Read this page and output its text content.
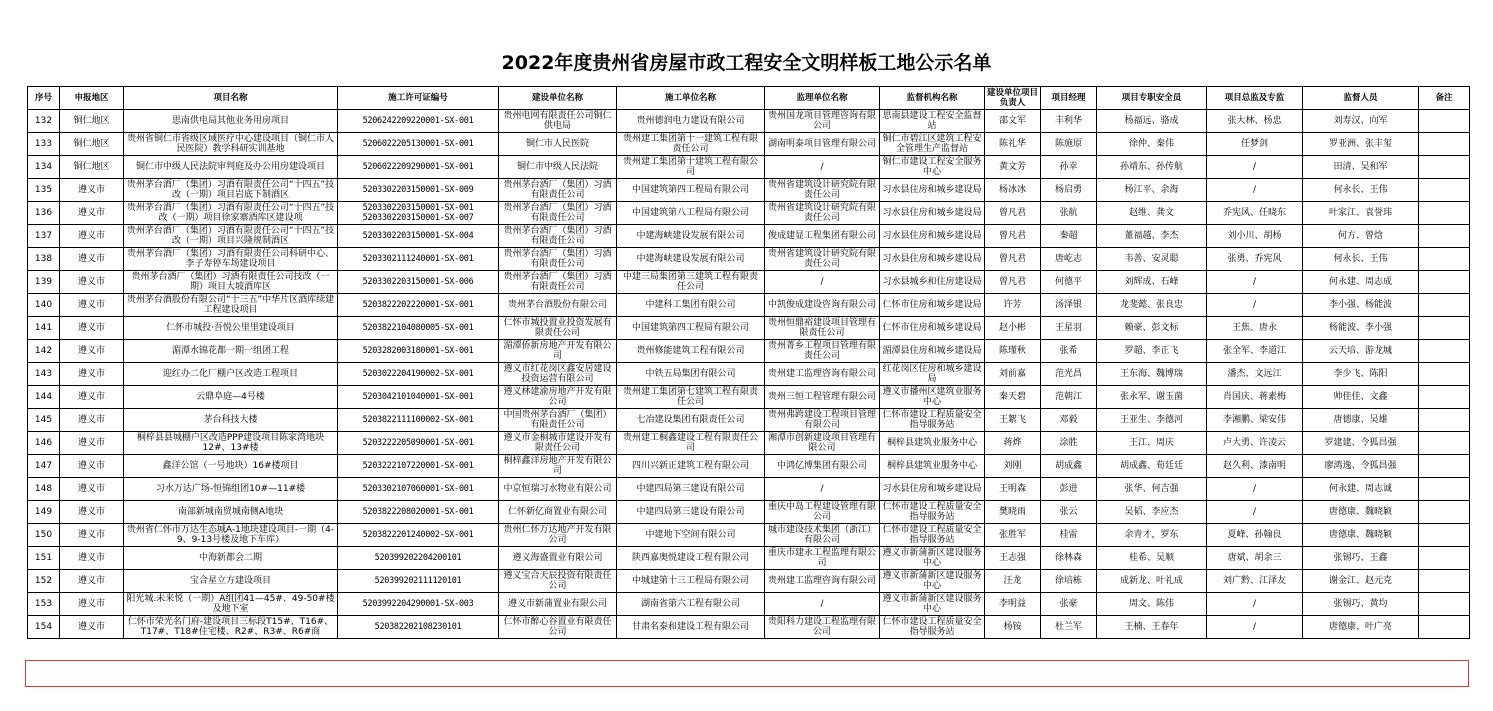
2022年度贵州省房屋市政工程安全文明样板工地公示名单
序号	申报地区	项目名称	施工许可证编号	建设单位名称	施工单位名称	监理单位名称	监督机构名称	建设单位项目负责人	项目经理	项目专职安全员	项目总监及专监	监督人员	备注
132	铜仁地区	思南供电局其他业务用房项目	5206242209220001-SX-001	贵州电网有限责任公司铜仁供电局	贵州德润电力建设有限公司	贵州国龙项目管理咨询有限公司	思南县建设工程安全监督站	邵文军	丰利华	杨福远、骆成	张大林、杨忠	刘寿汉、向军	
133	铜仁地区	贵州省铜仁市省级区域医疗中心建设项目（铜仁市人民医院）教学科研实训基地	5206022205130001-SX-001	铜仁市人民医院	贵州建工集团第十一建筑工程有限责任公司	湖南明泰项目管理有限公司	铜仁市碧江区建筑工程安全管理生产监督站	陈礼华	陈施原	徐仲、秦伟	任梦剑	罗亚洲、张丰玺	
134	铜仁地区	铜仁市中级人民法院审判庭及办公用房建设项目	5206022209290001-SX-001	铜仁市中级人民法院	贵州建工集团第十建筑工程有限公司	/	铜仁市建设工程安全服务中心	黄文芳	孙幸	孙靖东、孙传航	/	田清、吴和军	
135	遵义市	贵州茅台酒厂（集团）习酒有限责任公司“十四五”技改（一期）项目岩底下制酒区	5203302203150001-SX-009	贵州茅台酒厂（集团）习酒有限责任公司	中国建筑第四工程局有限公司	贵州省建筑设计研究院有限责任公司	习水县住房和城乡建设局	杨冰冰	杨启勇	杨江平、余海	/	何永长、王伟	
136	遵义市	贵州茅台酒厂（集团）习酒有限责任公司“十四五”技改（一期）项目徐家寨酒库区建设项	5203302203150001-SX-001 5203302203150001-SX-007	贵州茅台酒厂（集团）习酒有限责任公司	中国建筑第八工程局有限公司	贵州省建筑设计研究院有限责任公司	习水县住房和城乡建设局	曾凡君	张航	赵维、龚文	乔宪风、任晓东	叶家江、袁誉玮	
137	遵义市	贵州茅台酒厂（集团）习酒有限责任公司“十四五”技改（一期）项目兴隆规制酒区	5203302203150001-SX-004	贵州茅台酒厂（集团）习酒有限责任公司	中建海峡建设发展有限公司	俊成建显工程集团有限公司	习水县住房和城乡建设局	曾凡君	秦超	董福越、李杰	刘小川、胡杨	何方、曾焓	
138	遵义市	贵州茅台酒厂（集团）习酒有限责任公司科研中心、李子寿停车场建设项目	5203302111240001-SX-001	贵州茅台酒厂（集团）习酒有限责任公司	中建海峡建设发展有限公司	贵州省建筑设计研究院有限责任公司	习水县住房和城乡建设局	曾凡君	唐屹志	韦善、安灵聪	张勇、乔宪风	何永长、王伟	
139	遵义市	贵州茅台酒厂（集团）习酒有限责任公司技改（一期）项目大坡酒库区	5203302203150001-SX-006	贵州茅台酒厂（集团）习酒有限责任公司	中建三局集团第三建筑工程有限责任公司	/	习水县城乡和住房建设局	曾凡君	何德平	刘辉成、石峰	/	何永建、周志成	
140	遵义市	贵州茅台酒股份有限公司“十三五”中华片区酒库续建工程建设项目	5203822202220001-SX-001	贵州茅台酒股份有限公司	中建科工集团有限公司	中凯俊成建设咨询有限公司	仁怀市住房和城乡建设局	许芳	汤泽银	龙斐懿、张良忠	/	李小强、杨能波	
141	遵义市	仁怀市城投·吾悦公里里建设项目	5203822104080005-SX-001	仁怀市城投置业投资发展有限责任公司	中国建筑第四工程局有限公司	贵州恒鼎裕建设项目管理有限责任公司	仁怀市住房和城乡建设局	赵小彬	王星羽	赖豪、彭文标	王焦、唐永	杨能波、李小强	
142	遵义市	湄潭水锦花都一期一组团工程	5203282003180001-SX-001	湄潭侨新房地产开发有限公司	贵州修能建筑工程有限公司	贵州菁乡工程项目管理有限责任公司	湄潭县住房和城乡建设局	陈瑾秋	张希	罗超、李正飞	张全军、李道江	云天培、游龙城	
143	遵义市	迎红办二化厂棚户区改造工程项目	5203022204190002-SX-001	遵义市红花岗区鑫安居建设投资运营有限公司	中铁五局集团有限公司	贵州建工监理咨询有限公司	红花岗区住房和城乡建设局	刘前嘉	范光昌	王东海、魏博瑞	潘杰、文远江	李少飞、陈阳	
144	遵义市	云鼎阜庭—4号楼	5203042101040001-SX-001	遵义林建渝房地产开发有限公司	贵州建工集团第七建筑工程有限责任公司	贵州三恒工程管理有限公司	遵义市播州区建筑业服务中心	秦天碧	范朝江	张永军、谢玉菌	肖国庆、蒋素梅	帅佳佳、文鑫	
145	遵义市	茅台科技大楼	5203822111100002-SX-001	中国贵州茅台酒厂（集团）有限责任公司	七冶建设集团有限责任公司	贵州弗跨建设工程项目管理有限公司	仁怀市建设工程质量安全指导服务站	王絮飞	邓毅	王亚生、李德河	李湘鹏、梁安伟	唐德康、吴雄	
146	遵义市	桐梓县县城棚户区改造PPP建设项目陈家湾地块12#、13#楼	5203222205090001-SX-001	遵义市金桐城市建设开发有限责任公司	贵州建工桐鑫建设工程有限责任公司	湘潭市创新建设项目管理有限公司	桐梓县建筑业服务中心	蒋烨	涂胜	王江、周庆	卢大勇、许凌云	罗建建、令狐昌强	
147	遵义市	鑫洋公馆（一号地块）16#楼项目	5203222107220001-SX-001	桐梓鑫洋房地产开发有限公司	四川兴新正建筑工程有限公司	中鸿亿博集团有限公司	桐梓县建筑业服务中心	刘刚	胡成鑫	胡成鑫、荀廷廷	赵久利、漆南明	廖鸿逸、令狐昌强	
148	遵义市	习水万达广场-恒锦组团10#—11#楼	5203302107060001-SX-001	中京恒瑞习水物业有限公司	中建四局第三建设有限公司	/	习水县住房和城乡建设局	王明森	彭进	张华、何吉强	/	何永建、周志诚	
149	遵义市	南部新城南贸城南侧A地块	5203822208020001-SX-001	仁怀新亿商置业有限公司	中建四局第三建设有限公司	重庆中岛工程建设管理有限公司	仁怀市建设工程质量安全指导服务站	樊晓雨	张云	吴韬、李应杰	/	唐德康、魏晓颖	
150	遵义市	贵州省仁怀市万达生态城A-1地块建设项目-一期（4-9、9-13号楼及地下车库）	5203822201240002-SX-001	贵州仁怀万达地产开发有限公司	中建地下空间有限公司	城市建设技术集团（浙江）有限公司	仁怀市建设工程质量安全指导服务站	张胜军	桂雷	余青才，罗东	夏峰、孙翰良	唐德康、魏晓颖	
151	遵义市	中海新都会二期	520399202204200101	遵义海盛置业有限公司	陕西嘉奥悦建设工程有限公司	重庆市建永工程监理有限公司	遵义市新蒲新区建设服务中心	王志强	徐林森	桂希、吴顺	唐斌、胡余三	张锡巧、王鑫	
152	遵义市	宝合星立方建设项目	520399202111120101	遵义宝合天辰投资有限责任公司	中城建第十三工程局有限公司	贵州建工监理咨询有限公司	遵义市新蒲新区建设服务中心	汪龙	徐培栋	成新龙、叶礼成	刘广黔、江泽友	谢金江、赵元克	
153	遵义市	阳光城.未来悦（一期）A组团41—45#、49-50#楼及地下室	5203992204290001-SX-003	遵义市新蒲置业有限公司	湖南省第六工程有限公司	/	遵义市新蒲新区建设服务中心	李明益	张豪	周文、陈伟	/	张锡巧、黄均	
154	遵义市	仁怀市荣光名门府-建设项目三标段T15#、T16#、T17#、T18#住宅楼、R2#、R3#、R6#商	520382202108230101	仁怀市醉心谷置业有限责任公司	甘肃名泰和建设工程有限公司	贵阳科力建设工程监理有限公司	仁怀市建设工程质量安全指导服务站	杨铵	杜兰军	王楠、王春年	/	唐德康、叶广亮	
